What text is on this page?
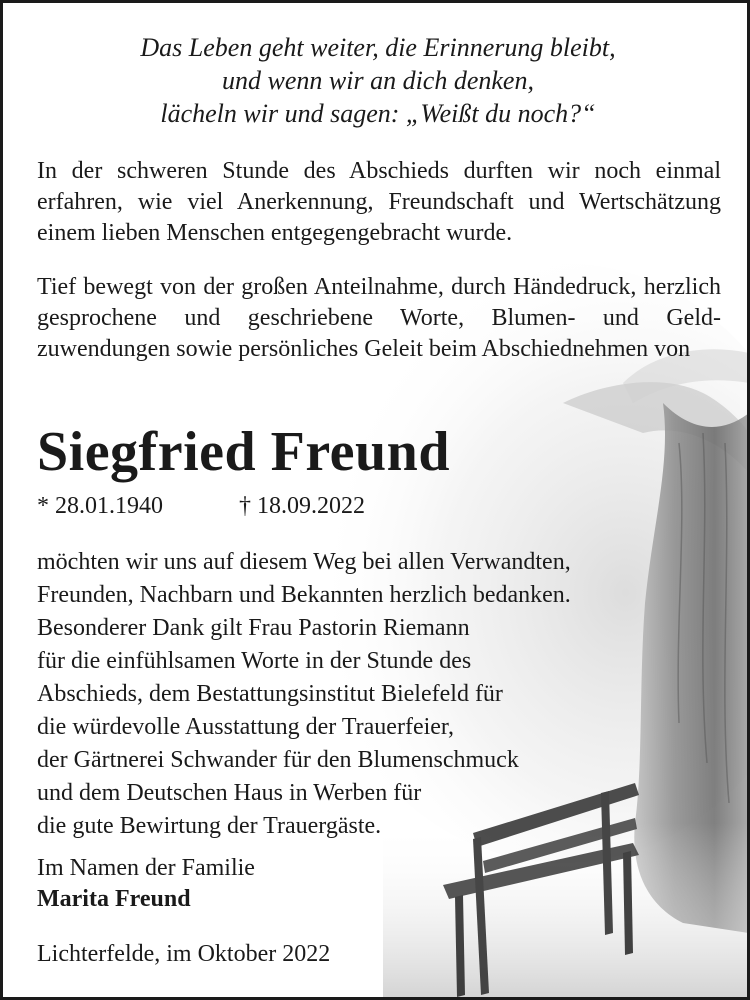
Das Leben geht weiter, die Erinnerung bleibt,
und wenn wir an dich denken,
lächeln wir und sagen: „Weißt du noch?“
In der schweren Stunde des Abschieds durften wir noch einmal erfahren, wie viel Anerkennung, Freundschaft und Wertschätzung einem lieben Menschen entgegengebracht wurde.
Tief bewegt von der großen Anteilnahme, durch Händedruck, herzlich gesprochene und geschriebene Worte, Blumen- und Geld-zuwendungen sowie persönliches Geleit beim Abschiednehmen von
Siegfried Freund
* 28.01.1940	† 18.09.2022
möchten wir uns auf diesem Weg bei allen Verwandten,
Freunden, Nachbarn und Bekannten herzlich bedanken.
Besonderer Dank gilt Frau Pastorin Riemann
für die einfühlsamen Worte in der Stunde des
Abschieds, dem Bestattungsinstitut Bielefeld für
die würdevolle Ausstattung der Trauerfeier,
der Gärtnerei Schwander für den Blumenschmuck
und dem Deutschen Haus in Werben für
die gute Bewirtung der Trauergäste.
Im Namen der Familie
Marita Freund
Lichterfelde, im Oktober 2022
